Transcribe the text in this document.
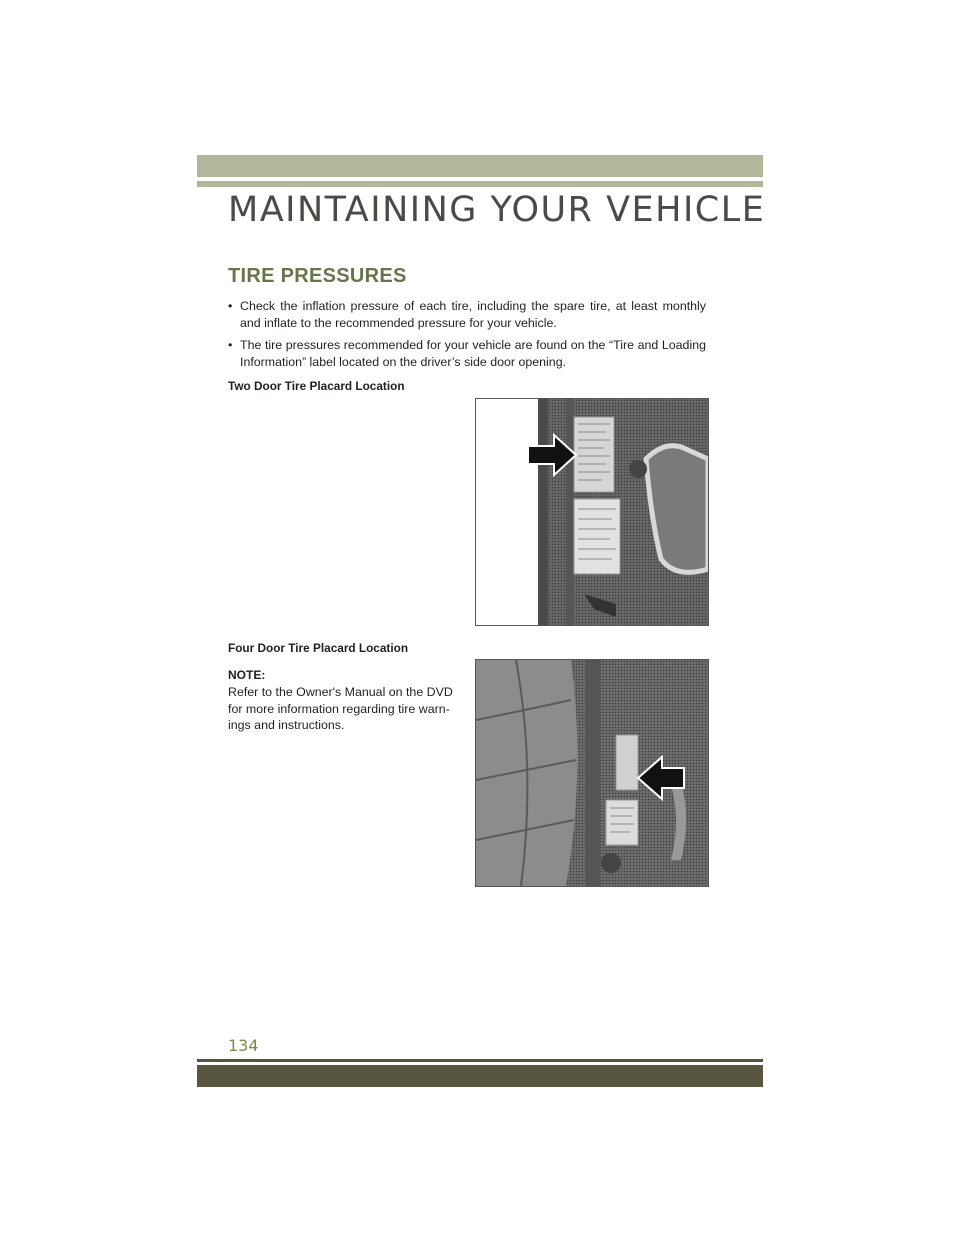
MAINTAINING YOUR VEHICLE
TIRE PRESSURES
• Check the inflation pressure of each tire, including the spare tire, at least monthly and inflate to the recommended pressure for your vehicle.
• The tire pressures recommended for your vehicle are found on the “Tire and Loading Information” label located on the driver’s side door opening.
Two Door Tire Placard Location
Four Door Tire Placard Location
NOTE:
Refer to the Owner's Manual on the DVD for more information regarding tire warn-ings and instructions.
134
